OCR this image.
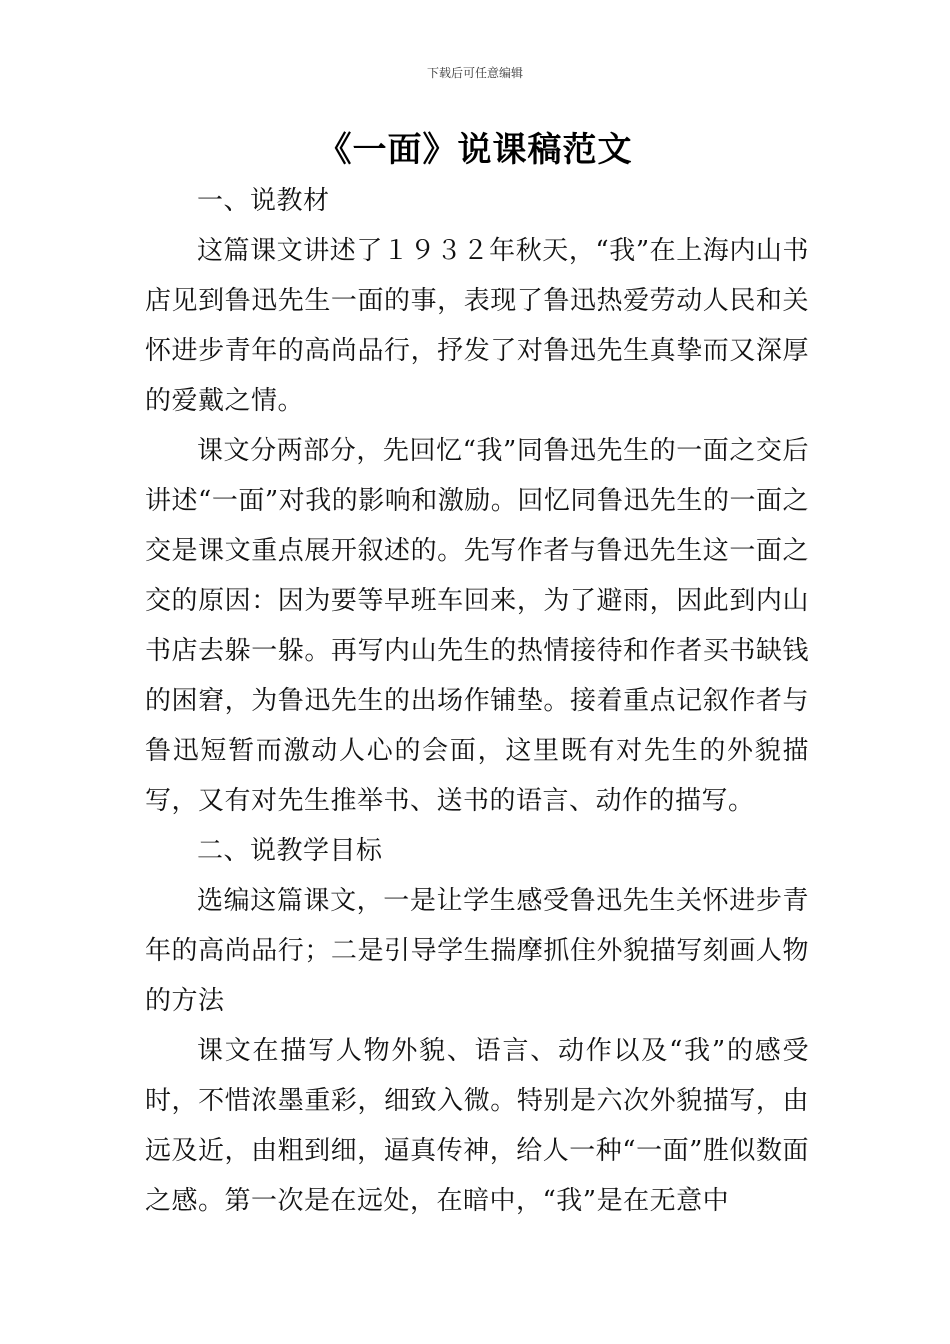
下载后可任意编辑
《一面》说课稿范文

一、说教材

这篇课文讲述了１９３２年秋天，“我”在上海内山书店见到鲁迅先生一面的事，表现了鲁迅热爱劳动人民和关怀进步青年的高尚品行，抒发了对鲁迅先生真挚而又深厚的爱戴之情。

课文分两部分，先回忆“我”同鲁迅先生的一面之交后讲述“一面”对我的影响和激励。回忆同鲁迅先生的一面之交是课文重点展开叙述的。先写作者与鲁迅先生这一面之交的原因：因为要等早班车回来，为了避雨，因此到内山书店去躲一躲。再写内山先生的热情接待和作者买书缺钱的困窘，为鲁迅先生的出场作铺垫。接着重点记叙作者与鲁迅短暂而激动人心的会面，这里既有对先生的外貌描写，又有对先生推举书、送书的语言、动作的描写。

二、说教学目标

选编这篇课文，一是让学生感受鲁迅先生关怀进步青年的高尚品行；二是引导学生揣摩抓住外貌描写刻画人物的方法

课文在描写人物外貌、语言、动作以及“我”的感受时，不惜浓墨重彩，细致入微。特别是六次外貌描写，由远及近，由粗到细，逼真传神，给人一种“一面”胜似数面之感。第一次是在远处，在暗中，“我”是在无意中
